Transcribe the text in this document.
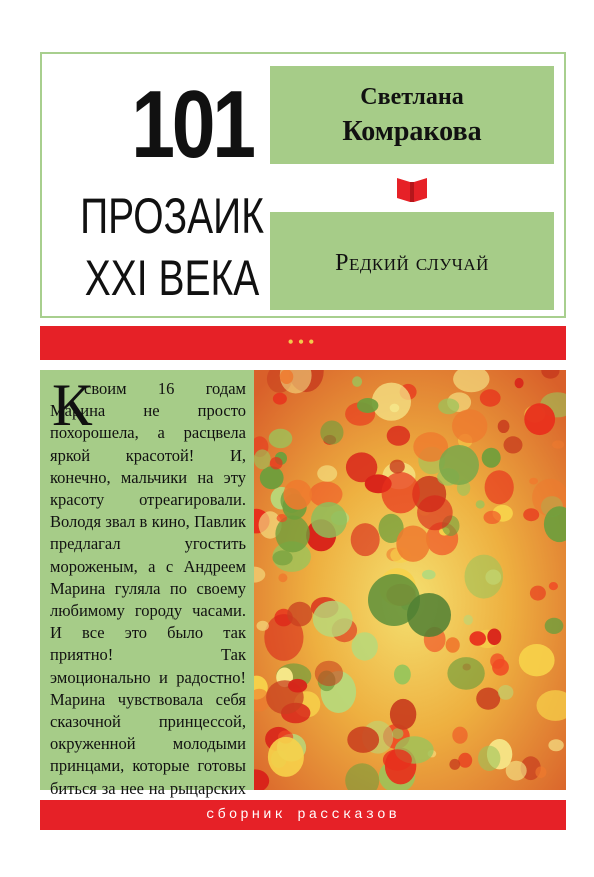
101
ПРОЗАИК
XXI ВЕКА
Светлана
Комракова
Редкий случай
•••
К

своим 16 годам Марина не просто похорошела, а расцвела яркой красотой! И, конечно, мальчики на эту красоту отреагировали. Володя звал в кино, Павлик предлагал угостить мороженым, а с Андреем Марина гуляла по своему любимому городу часами. И все это было так приятно! Так эмоционально и радостно! Марина чувствовала себя сказочной принцессой, окруженной молодыми принцами, которые готовы биться за нее на рыцарских

сборник рассказов
